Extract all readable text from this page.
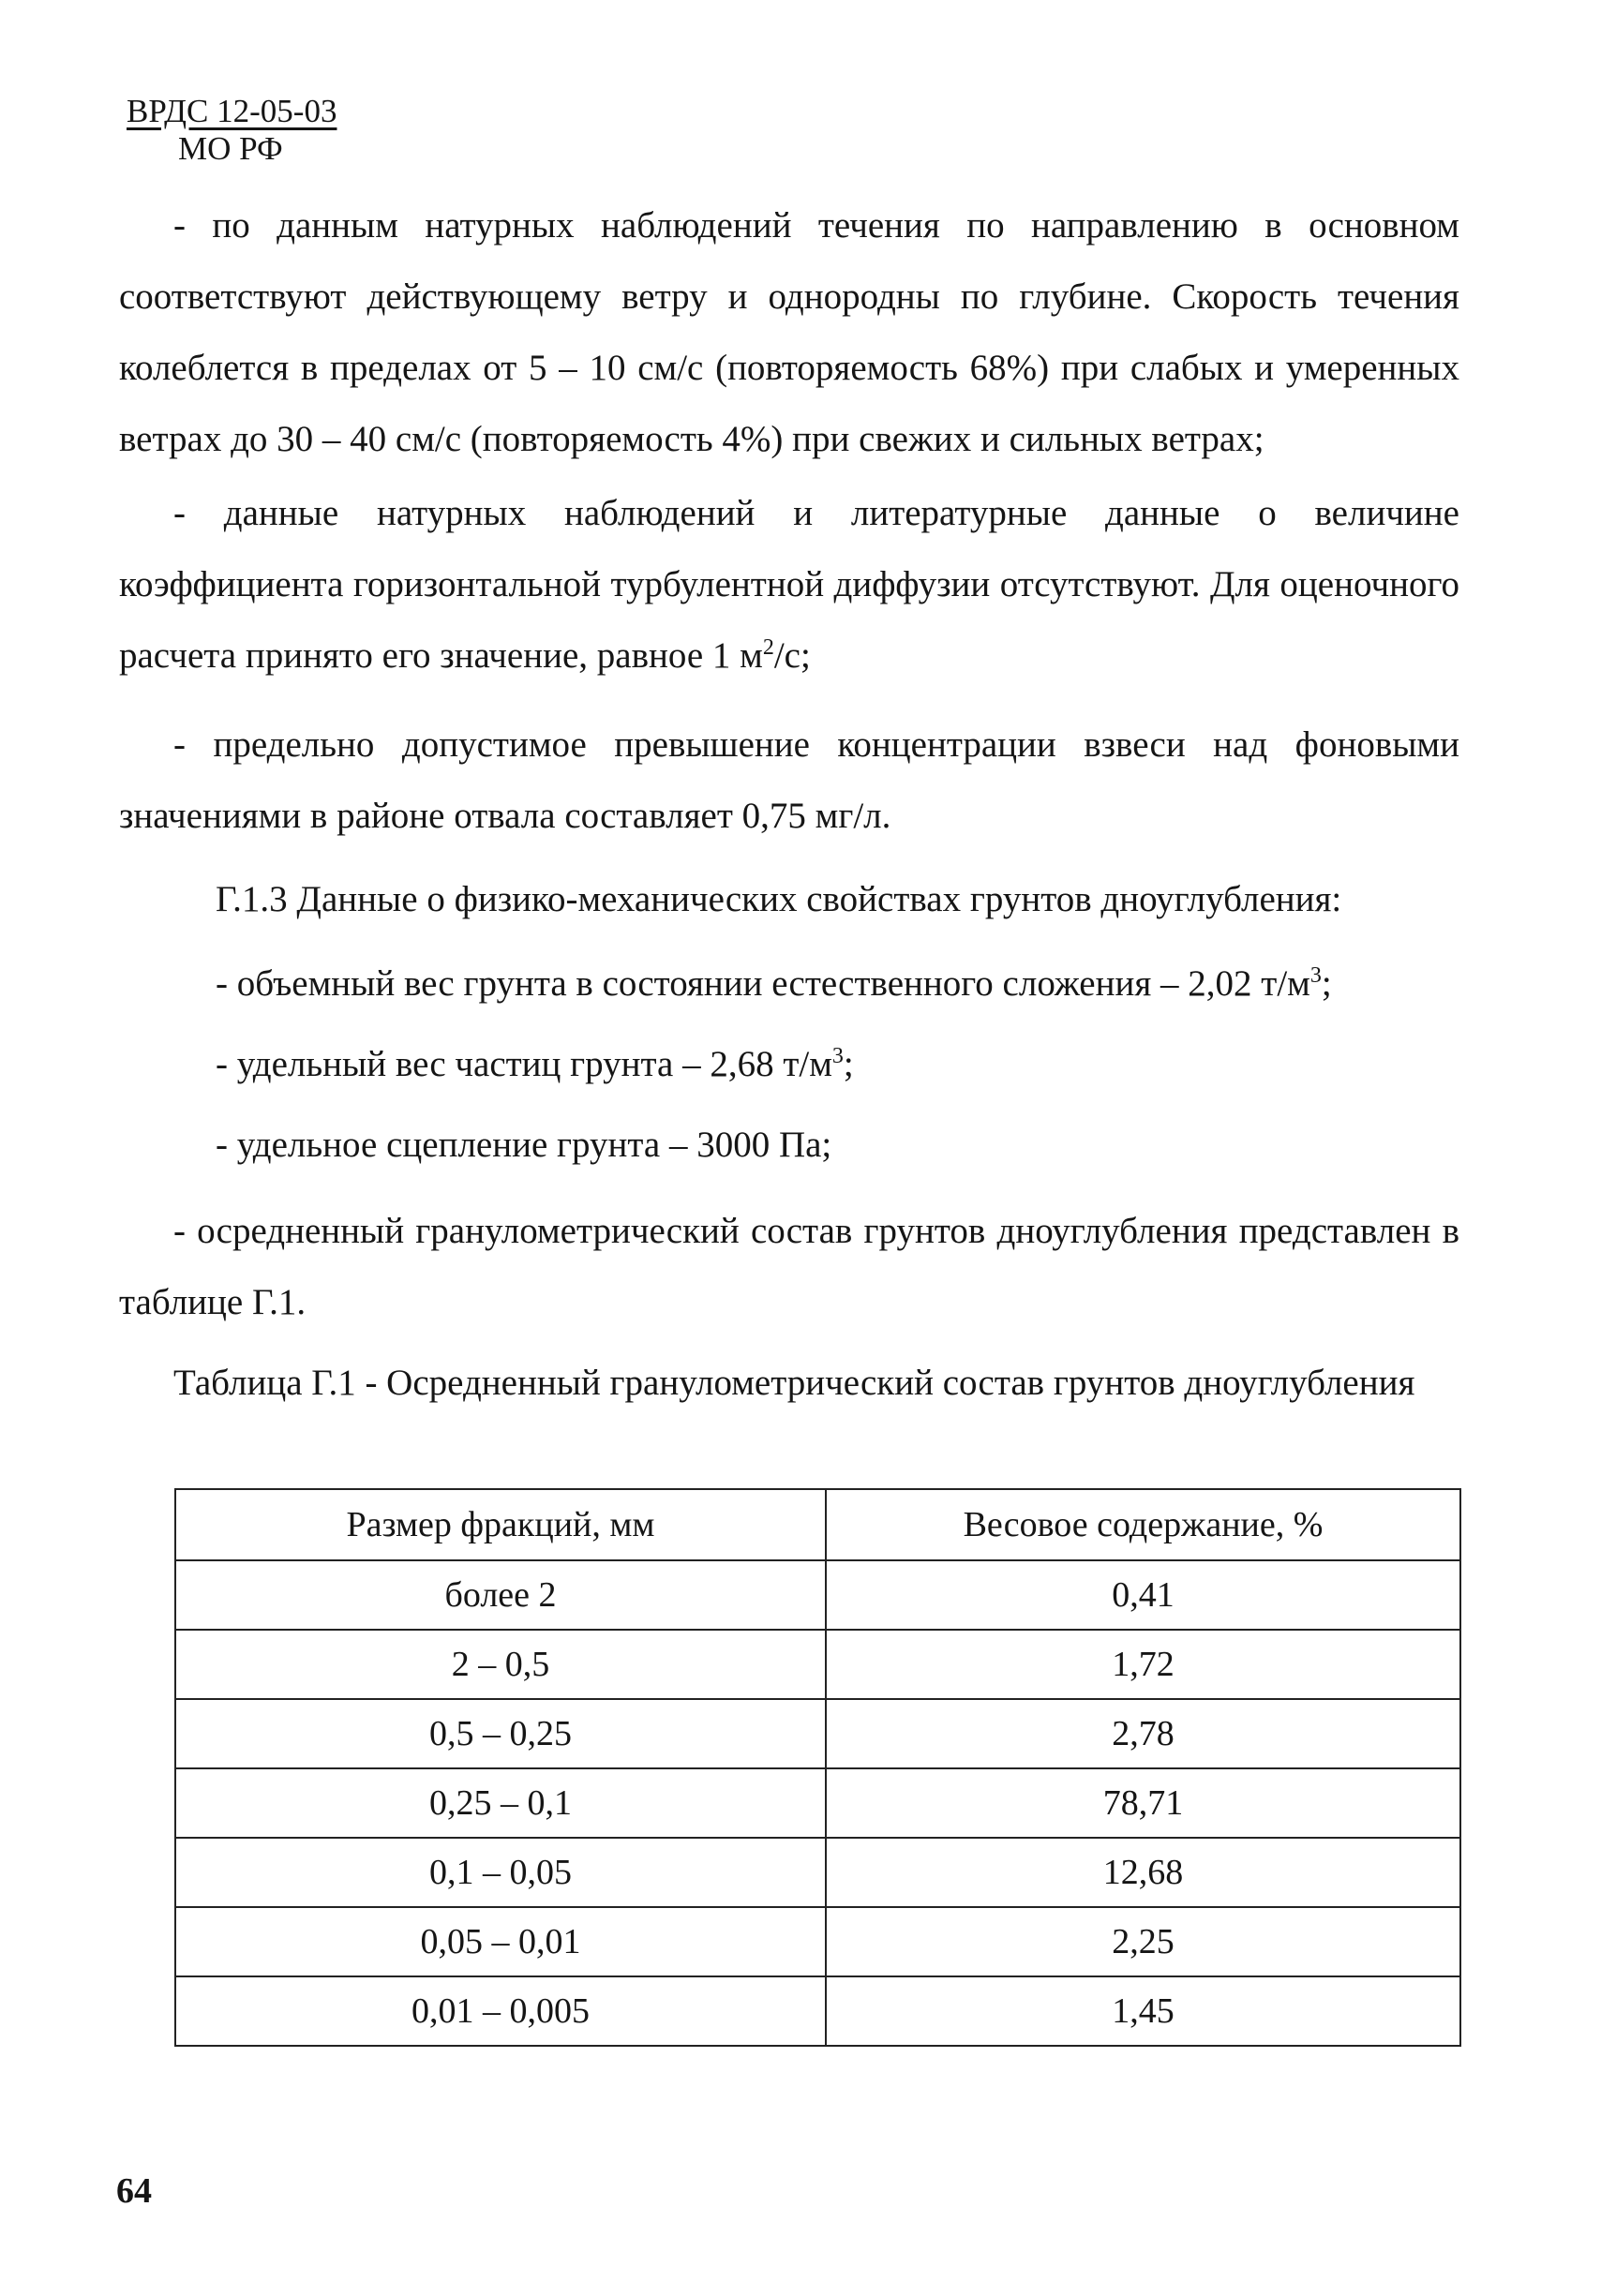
ВРДС 12-05-03
МО РФ

- по данным натурных наблюдений течения по направлению в основном соответствуют действующему ветру и однородны по глубине. Скорость течения колеблется в пределах от 5 – 10 см/с (повторяемость 68%) при слабых и умеренных ветрах до 30 – 40 см/с (повторяемость 4%) при свежих и сильных ветрах;

- данные натурных наблюдений и литературные данные о величине коэффициента горизонтальной турбулентной диффузии отсутствуют. Для оценочного расчета принято его значение, равное 1 $м^2/с$;

- предельно допустимое превышение концентрации взвеси над фоновыми значениями в районе отвала составляет 0,75 мг/л.

Г.1.3 Данные о физико-механических свойствах грунтов дноуглубления:
- объемный вес грунта в состоянии естественного сложения – 2,02 $т/м^3$;
- удельный вес частиц грунта – 2,68 $т/м^3$;
- удельное сцепление грунта – 3000 Па;

- осредненный гранулометрический состав грунтов дноуглубления представлен в таблице Г.1.

Таблица Г.1 - Осредненный гранулометрический состав грунтов дноуглубления

Размер фракций, мм	Весовое содержание, %
более 2	0,41
2 – 0,5	1,72
0,5 – 0,25	2,78
0,25 – 0,1	78,71
0,1 – 0,05	12,68
0,05 – 0,01	2,25
0,01 – 0,005	1,45
64
